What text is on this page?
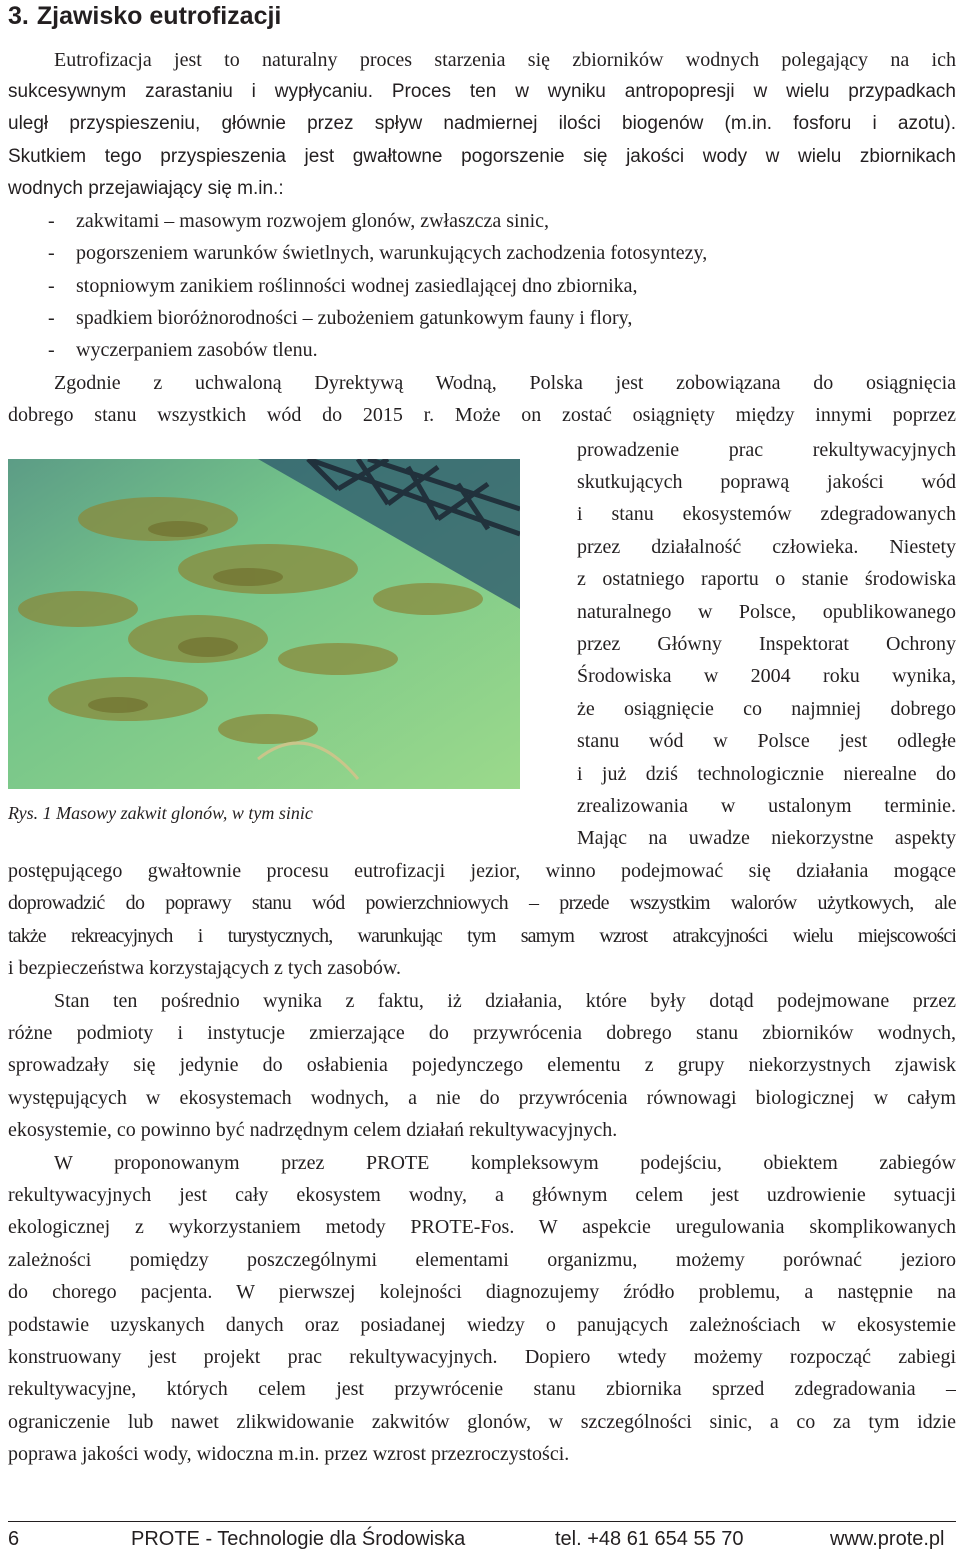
3. Zjawisko eutrofizacji
Eutrofizacja jest to naturalny proces starzenia się zbiorników wodnych polegający na ich
sukcesywnym zarastaniu i wypłycaniu. Proces ten w wyniku antropopresji w wielu przypadkach
uległ przyspieszeniu, głównie przez spływ nadmiernej ilości biogenów (m.in. fosforu i azotu).
Skutkiem tego przyspieszenia jest gwałtowne pogorszenie się jakości wody w wielu zbiornikach
wodnych przejawiający się m.in.:
- zakwitami – masowym rozwojem glonów, zwłaszcza sinic,
- pogorszeniem warunków świetlnych, warunkujących zachodzenia fotosyntezy,
- stopniowym zanikiem roślinności wodnej zasiedlającej dno zbiornika,
- spadkiem bioróżnorodności – zubożeniem gatunkowym fauny i flory,
- wyczerpaniem zasobów tlenu.
Zgodnie z uchwaloną Dyrektywą Wodną, Polska jest zobowiązana do osiągnięcia
dobrego stanu wszystkich wód do 2015 r. Może on zostać osiągnięty między innymi poprzez
Rys. 1 Masowy zakwit glonów, w tym sinic
prowadzenie prac rekultywacyjnych
skutkujących poprawą jakości wód
i stanu ekosystemów zdegradowanych
przez działalność człowieka. Niestety
z ostatniego raportu o stanie środowiska
naturalnego w Polsce, opublikowanego
przez Główny Inspektorat Ochrony
Środowiska w 2004 roku wynika,
że osiągnięcie co najmniej dobrego
stanu wód w Polsce jest odległe
i już dziś technologicznie nierealne do
zrealizowania w ustalonym terminie.
Mając na uwadze niekorzystne aspekty
postępującego gwałtownie procesu eutrofizacji jezior, winno podejmować się działania mogące
doprowadzić do poprawy stanu wód powierzchniowych – przede wszystkim walorów użytkowych, ale
także rekreacyjnych i turystycznych, warunkując tym samym wzrost atrakcyjności wielu miejscowości
i bezpieczeństwa korzystających z tych zasobów.
Stan ten pośrednio wynika z faktu, iż działania, które były dotąd podejmowane przez
różne podmioty i instytucje zmierzające do przywrócenia dobrego stanu zbiorników wodnych,
sprowadzały się jedynie do osłabienia pojedynczego elementu z grupy niekorzystnych zjawisk
występujących w ekosystemach wodnych, a nie do przywrócenia równowagi biologicznej w całym
ekosystemie, co powinno być nadrzędnym celem działań rekultywacyjnych.
W proponowanym przez PROTE kompleksowym podejściu, obiektem zabiegów
rekultywacyjnych jest cały ekosystem wodny, a głównym celem jest uzdrowienie sytuacji
ekologicznej z wykorzystaniem metody PROTE-Fos. W aspekcie uregulowania skomplikowanych
zależności pomiędzy poszczególnymi elementami organizmu, możemy porównać jezioro
do chorego pacjenta. W pierwszej kolejności diagnozujemy źródło problemu, a następnie na
podstawie uzyskanych danych oraz posiadanej wiedzy o panujących zależnościach w ekosystemie
konstruowany jest projekt prac rekultywacyjnych. Dopiero wtedy możemy rozpocząć zabiegi
rekultywacyjne, których celem jest przywrócenie stanu zbiornika sprzed zdegradowania –
ograniczenie lub nawet zlikwidowanie zakwitów glonów, w szczególności sinic, a co za tym idzie
poprawa jakości wody, widoczna m.in. przez wzrost przezroczystości.
6	PROTE - Technologie dla Środowiska	tel. +48 61 654 55 70	www.prote.pl
